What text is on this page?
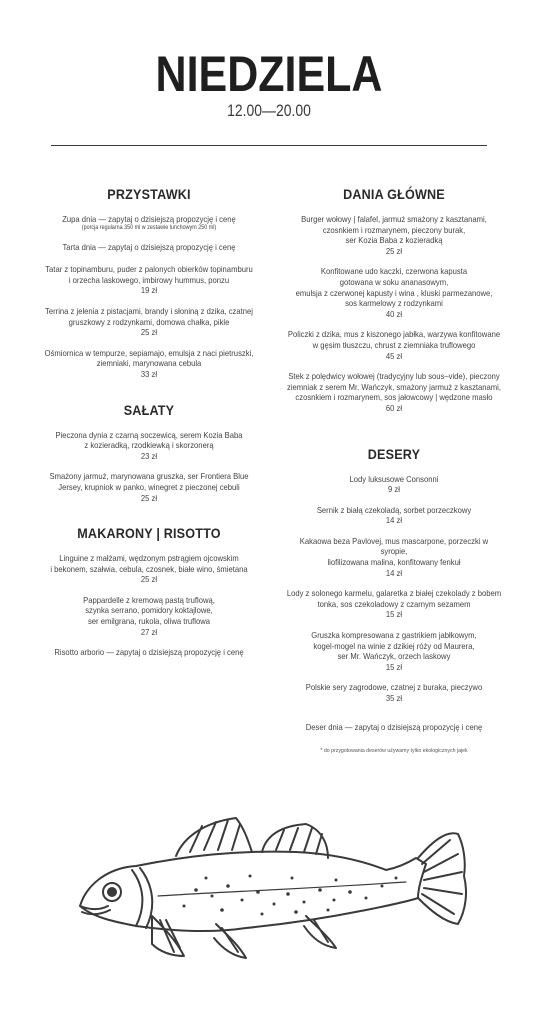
NIEDZIELA
12.00—20.00
PRZYSTAWKI
Zupa dnia — zapytaj o dzisiejszą propozycję i cenę
(porcja regularna 350 ml w zestawie lunchowym 250 ml)
Tarta dnia — zapytaj o dzisiejszą propozycję i cenę
Tatar z topinamburu, puder z palonych obierków topinamburu
i orzecha laskowego, imbirowy hummus, ponzu
19 zł
Terrina z jelenia z pistacjami, brandy i słoniną z dzika, czatnej
gruszkowy z rodzynkami, domowa chałka, pikle
25 zł
Ośmiornica w tempurze, sepiamajo, emulsja z naci pietruszki,
ziemniaki, marynowana cebula
33 zł
SAŁATY
Pieczona dynia z czarną soczewicą, serem Kozia Baba
z kozieradką, rzodkiewką i skorzonerą
23 zł
Smażony jarmuż, marynowana gruszka, ser Frontiera Blue
Jersey, krupniok w panko, winegret z pieczonej cebuli
25 zł
MAKARONY | RISOTTO
Linguine z małżami, wędzonym pstrągiem ojcowskim
i bekonem, szałwia, cebula, czosnek, białe wino, śmietana
25 zł
Pappardelle z kremową pastą truflową,
szynka serrano, pomidory koktajlowe,
ser emilgrana, rukola, oliwa truflowa
27 zł
Risotto arborio — zapytaj o dzisiejszą propozycję i cenę
DANIA GŁÓWNE
Burger wołowy | falafel, jarmuż smażony z kasztanami,
czosnkiem i rozmarynem, pieczony burak,
ser Kozia Baba z kozieradką
25 zł
Konfitowane udo kaczki, czerwona kapusta
gotowana w soku ananasowym,
emulsja z czerwonej kapusty i wina , kluski parmezanowe,
sos karmelowy z rodzynkami
40 zł
Policzki z dzika, mus z kiszonego jabłka, warzywa konfitowane
w gęsim tłuszczu, chrust z ziemniaka truflowego
45 zł
Stek z polędwicy wołowej (tradycyjny lub sous–vide), pieczony
ziemniak z serem Mr. Wańczyk, smażony jarmuż z kasztanami,
czosnkiem i rozmarynem, sos jałowcowy | wędzone masło
60 zł
DESERY
Lody luksusowe Consonni
9 zł
Sernik z białą czekoladą, sorbet porzeczkowy
14 zł
Kakaowa beza Pavlovej, mus mascarpone, porzeczki w syropie,
liofilizowana malina, konfitowany fenkuł
14 zł
Lody z solonego karmelu, galaretka z białej czekolady z bobem
tonka, sos czekoladowy z czarnym sezamem
15 zł
Gruszka kompresowana z gastrikiem jabłkowym,
kogel-mogel na winie z dzikiej róży od Maurera,
ser Mr. Wańczyk, orzech laskowy
15 zł
Polskie sery zagrodowe, czatnej z buraka, pieczywo
35 zł
Deser dnia — zapytaj o dzisiejszą propozycję i cenę
* do przygotowania deserów używamy tylko ekologicznych jajek
